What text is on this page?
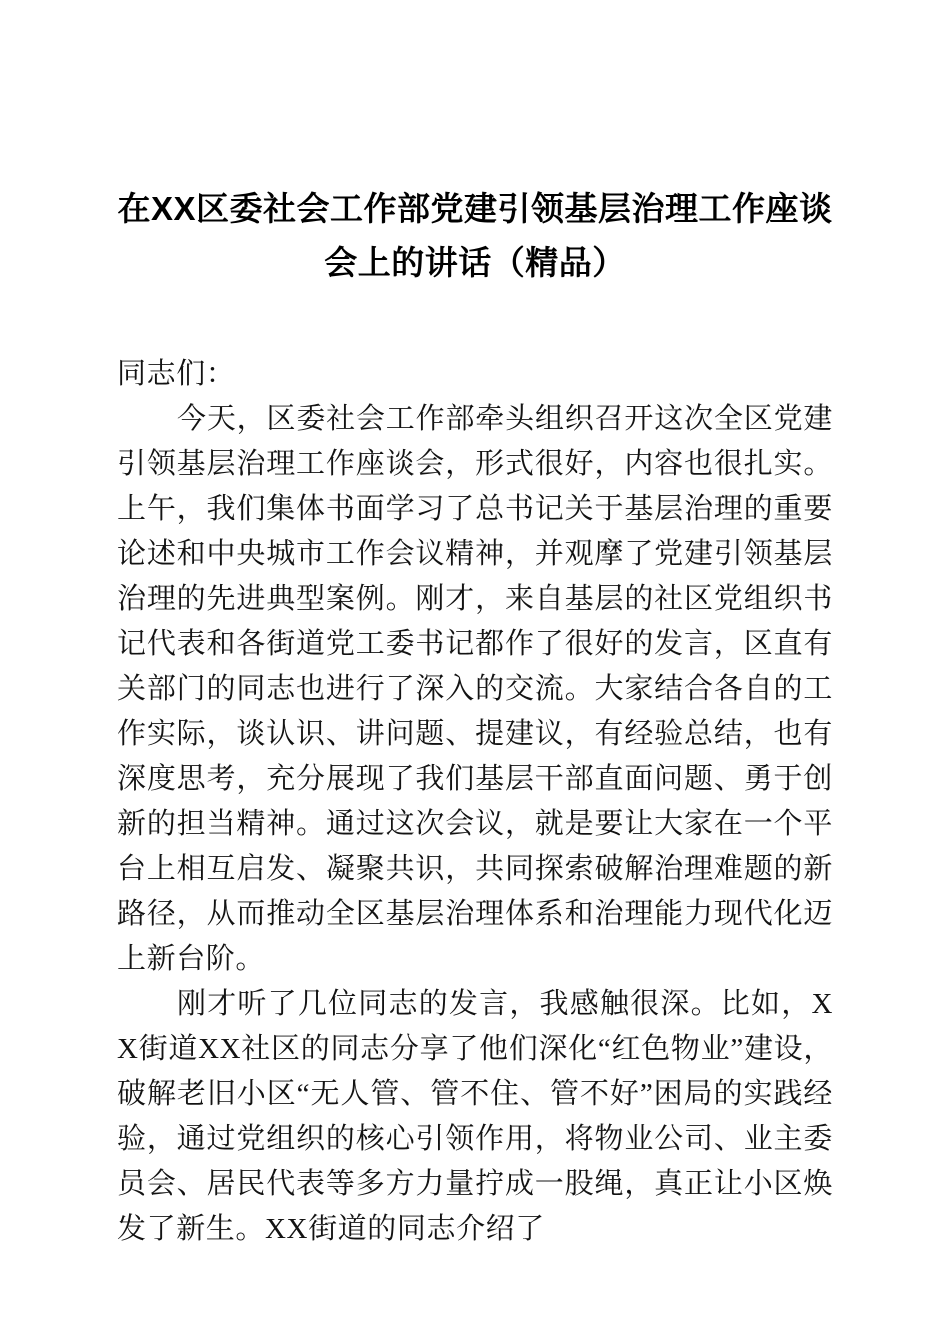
在XX区委社会工作部党建引领基层治理工作座谈会上的讲话（精品）

同志们：

今天，区委社会工作部牵头组织召开这次全区党建引领基层治理工作座谈会，形式很好，内容也很扎实。上午，我们集体书面学习了总书记关于基层治理的重要论述和中央城市工作会议精神，并观摩了党建引领基层治理的先进典型案例。刚才，来自基层的社区党组织书记代表和各街道党工委书记都作了很好的发言，区直有关部门的同志也进行了深入的交流。大家结合各自的工作实际，谈认识、讲问题、提建议，有经验总结，也有深度思考，充分展现了我们基层干部直面问题、勇于创新的担当精神。通过这次会议，就是要让大家在一个平台上相互启发、凝聚共识，共同探索破解治理难题的新路径，从而推动全区基层治理体系和治理能力现代化迈上新台阶。

刚才听了几位同志的发言，我感触很深。比如，XX街道XX社区的同志分享了他们深化“红色物业”建设，破解老旧小区“无人管、管不住、管不好”困局的实践经验，通过党组织的核心引领作用，将物业公司、业主委员会、居民代表等多方力量拧成一股绳，真正让小区焕发了新生。XX街道的同志介绍了
